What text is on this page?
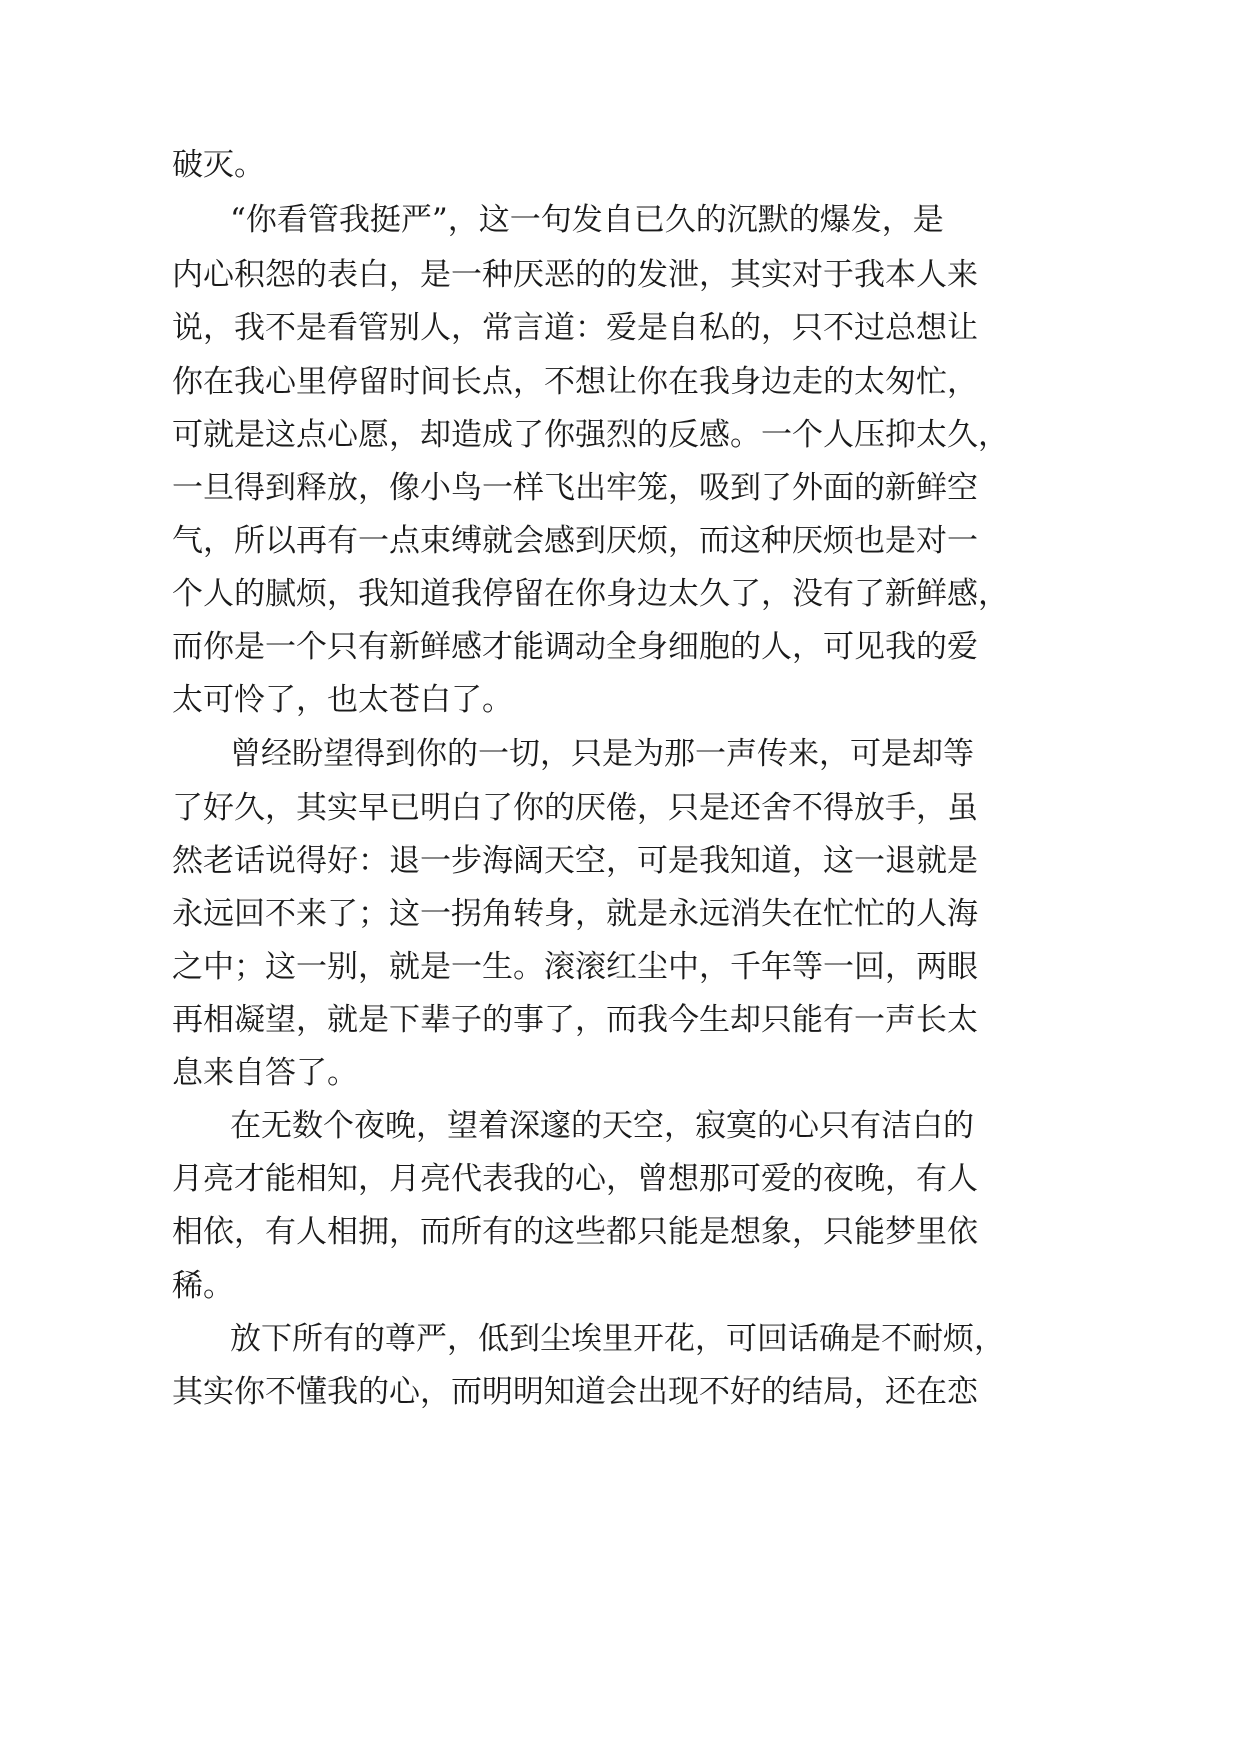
破灭。
“你看管我挺严”，这一句发自已久的沉默的爆发，是
内心积怨的表白，是一种厌恶的的发泄，其实对于我本人来
说，我不是看管别人，常言道：爱是自私的，只不过总想让
你在我心里停留时间长点，不想让你在我身边走的太匆忙，
可就是这点心愿，却造成了你强烈的反感。一个人压抑太久，
一旦得到释放，像小鸟一样飞出牢笼，吸到了外面的新鲜空
气，所以再有一点束缚就会感到厌烦，而这种厌烦也是对一
个人的腻烦，我知道我停留在你身边太久了，没有了新鲜感，
而你是一个只有新鲜感才能调动全身细胞的人，可见我的爱
太可怜了，也太苍白了。
曾经盼望得到你的一切，只是为那一声传来，可是却等
了好久，其实早已明白了你的厌倦，只是还舍不得放手，虽
然老话说得好：退一步海阔天空，可是我知道，这一退就是
永远回不来了；这一拐角转身，就是永远消失在忙忙的人海
之中；这一别，就是一生。滚滚红尘中，千年等一回，两眼
再相凝望，就是下辈子的事了，而我今生却只能有一声长太
息来自答了。
在无数个夜晚，望着深邃的天空，寂寞的心只有洁白的
月亮才能相知，月亮代表我的心，曾想那可爱的夜晚，有人
相依，有人相拥，而所有的这些都只能是想象，只能梦里依
稀。
放下所有的尊严，低到尘埃里开花，可回话确是不耐烦，
其实你不懂我的心，而明明知道会出现不好的结局，还在恋
